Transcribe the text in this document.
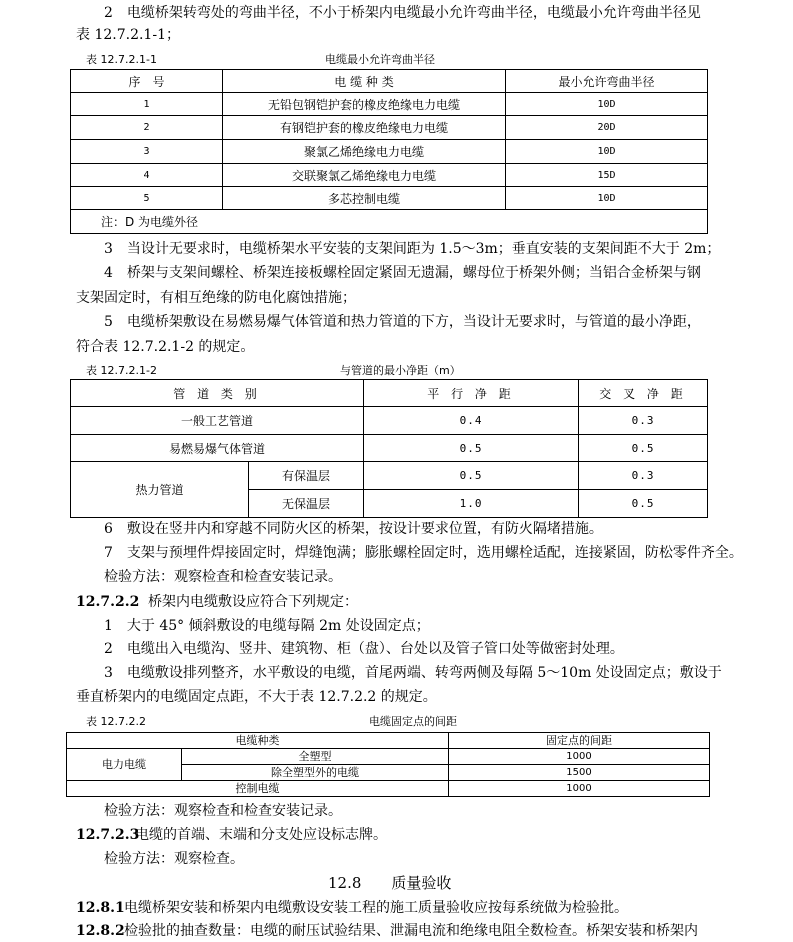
2　电缆桥架转弯处的弯曲半径，不小于桥架内电缆最小允许弯曲半径，电缆最小允许弯曲半径见
表 12.7.2.1-1；
表 12.7.2.1-1	电缆最小允许弯曲半径
序　号	电 缆 种 类	最小允许弯曲半径
1	无铅包钢铠护套的橡皮绝缘电力电缆	10D
2	有钢铠护套的橡皮绝缘电力电缆	20D
3	聚氯乙烯绝缘电力电缆	10D
4	交联聚氯乙烯绝缘电力电缆	15D
5	多芯控制电缆	10D
注：D 为电缆外径		
3　当设计无要求时，电缆桥架水平安装的支架间距为 1.5～3m；垂直安装的支架间距不大于 2m；
4　桥架与支架间螺栓、桥架连接板螺栓固定紧固无遗漏，螺母位于桥架外侧；当铝合金桥架与钢
支架固定时，有相互绝缘的防电化腐蚀措施；
5　电缆桥架敷设在易燃易爆气体管道和热力管道的下方，当设计无要求时，与管道的最小净距，
符合表 12.7.2.1-2 的规定。
表 12.7.2.1-2	与管道的最小净距（m）
管 道 类 别		平 行 净 距	交 叉 净 距
一般工艺管道		0.4	0.3
易燃易爆气体管道		0.5	0.5
热力管道	有保温层	0.5	0.3
	无保温层	1.0	0.5
6　敷设在竖井内和穿越不同防火区的桥架，按设计要求位置，有防火隔堵措施。
7　支架与预埋件焊接固定时，焊缝饱满；膨胀螺栓固定时，选用螺栓适配，连接紧固，防松零件齐全。
检验方法：观察检查和检查安装记录。
12.7.2.2 桥架内电缆敷设应符合下列规定：
1　大于 45° 倾斜敷设的电缆每隔 2m 处设固定点；
2　电缆出入电缆沟、竖井、建筑物、柜（盘）、台处以及管子管口处等做密封处理。
3　电缆敷设排列整齐，水平敷设的电缆，首尾两端、转弯两侧及每隔 5～10m 处设固定点；敷设于
垂直桥架内的电缆固定点距，不大于表 12.7.2.2 的规定。
表 12.7.2.2	电缆固定点的间距
电缆种类		固定点的间距
电力电缆	全塑型	1000
	除全塑型外的电缆	1500
控制电缆		1000
检验方法：观察检查和检查安装记录。
12.7.2.3
电缆的首端、末端和分支处应设标志牌。
检验方法：观察检查。
12.8　　质量验收
12.8.1 电缆桥架安装和桥架内电缆敷设安装工程的施工质量验收应按每系统做为检验批。
12.8.2 检验批的抽查数量：电缆的耐压试验结果、泄漏电流和绝缘电阻全数检查。桥架安装和桥架内
